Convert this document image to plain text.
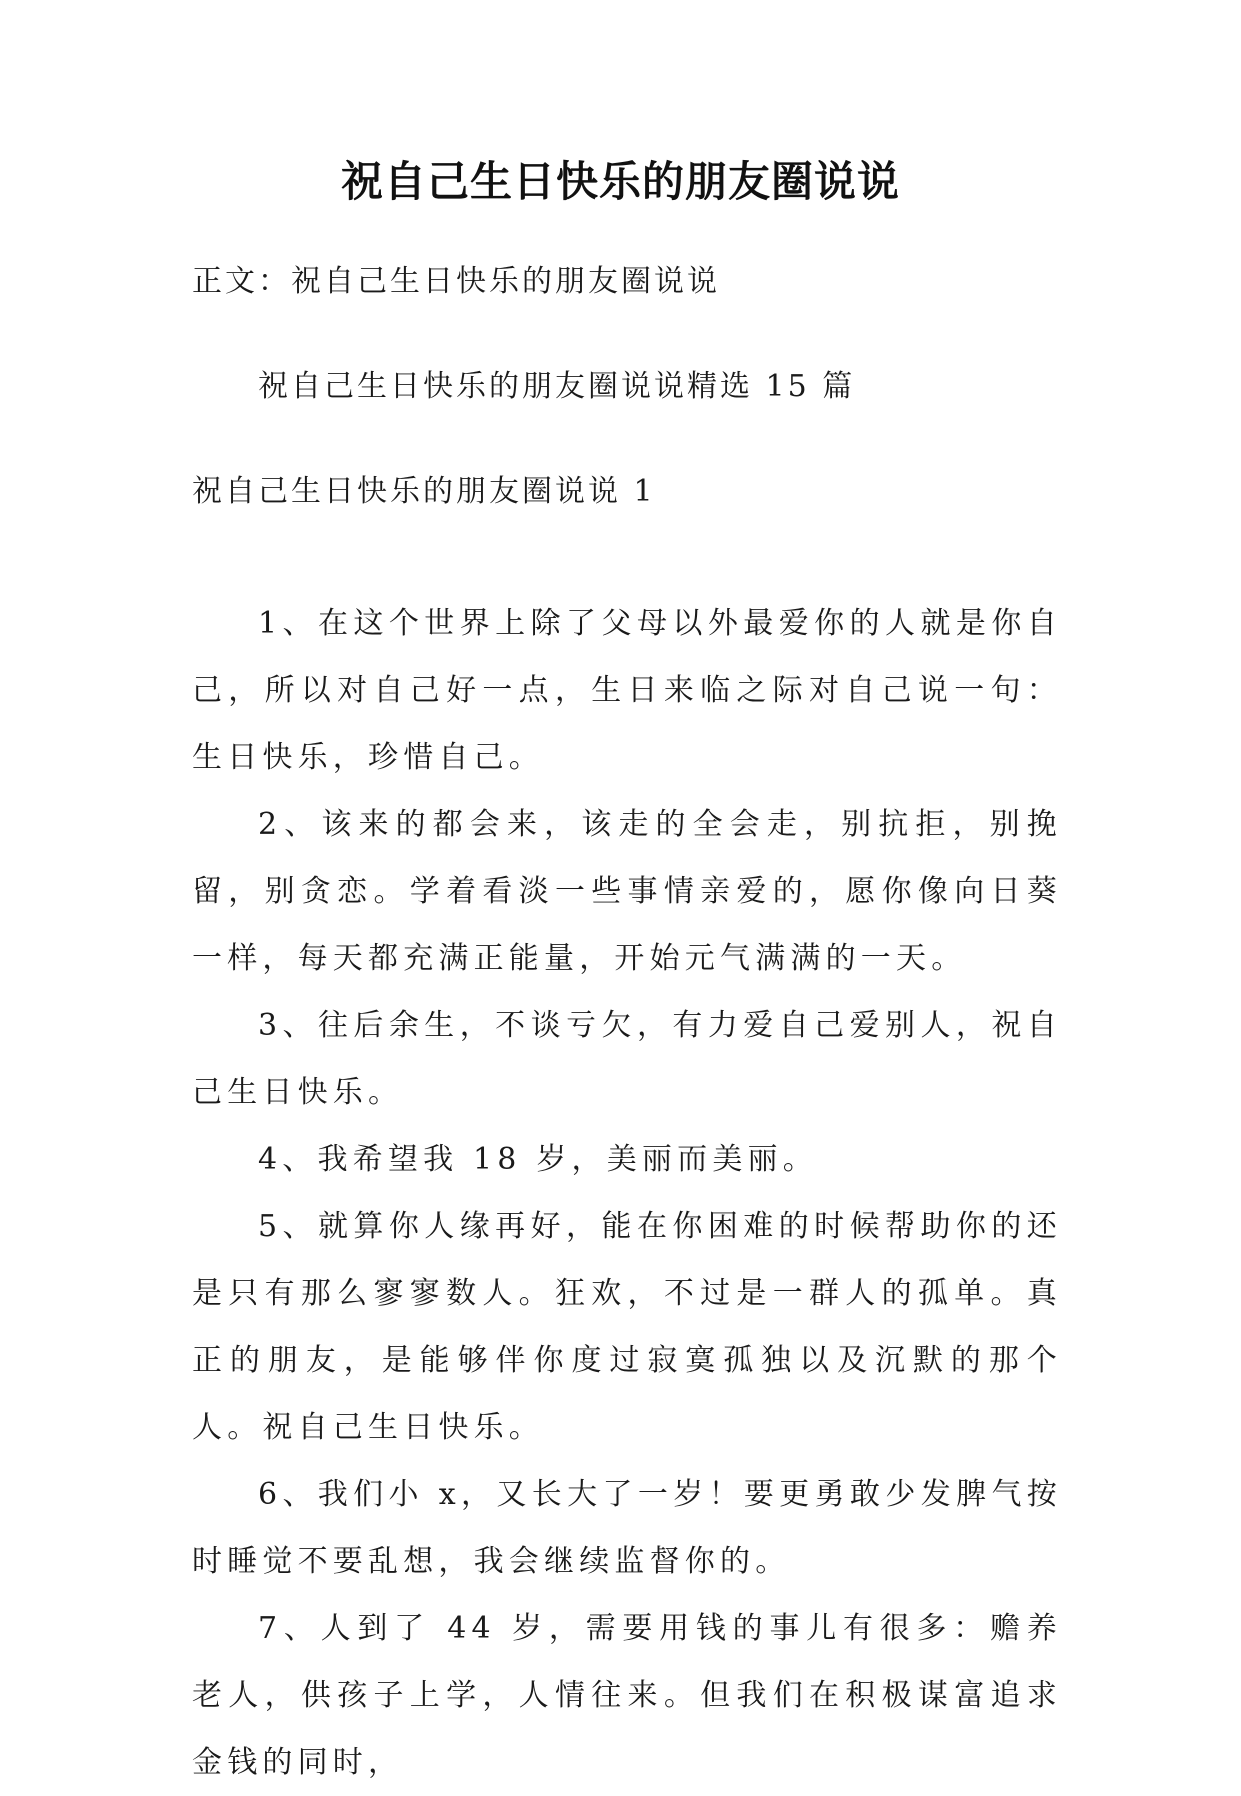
祝自己生日快乐的朋友圈说说
正文：祝自己生日快乐的朋友圈说说
祝自己生日快乐的朋友圈说说精选 15 篇
祝自己生日快乐的朋友圈说说 1

1、在这个世界上除了父母以外最爱你的人就是你自己，所以对自己好一点，生日来临之际对自己说一句：生日快乐，珍惜自己。

2、该来的都会来，该走的全会走，别抗拒，别挽留，别贪恋。学着看淡一些事情亲爱的，愿你像向日葵一样，每天都充满正能量，开始元气满满的一天。

3、往后余生，不谈亏欠，有力爱自己爱别人，祝自己生日快乐。

4、我希望我 18 岁，美丽而美丽。

5、就算你人缘再好，能在你困难的时候帮助你的还是只有那么寥寥数人。狂欢，不过是一群人的孤单。真正的朋友，是能够伴你度过寂寞孤独以及沉默的那个人。祝自己生日快乐。

6、我们小 x，又长大了一岁！要更勇敢少发脾气按时睡觉不要乱想，我会继续监督你的。

7、人到了 44 岁，需要用钱的事儿有很多：赡养老人，供孩子上学，人情往来。但我们在积极谋富追求金钱的同时，
